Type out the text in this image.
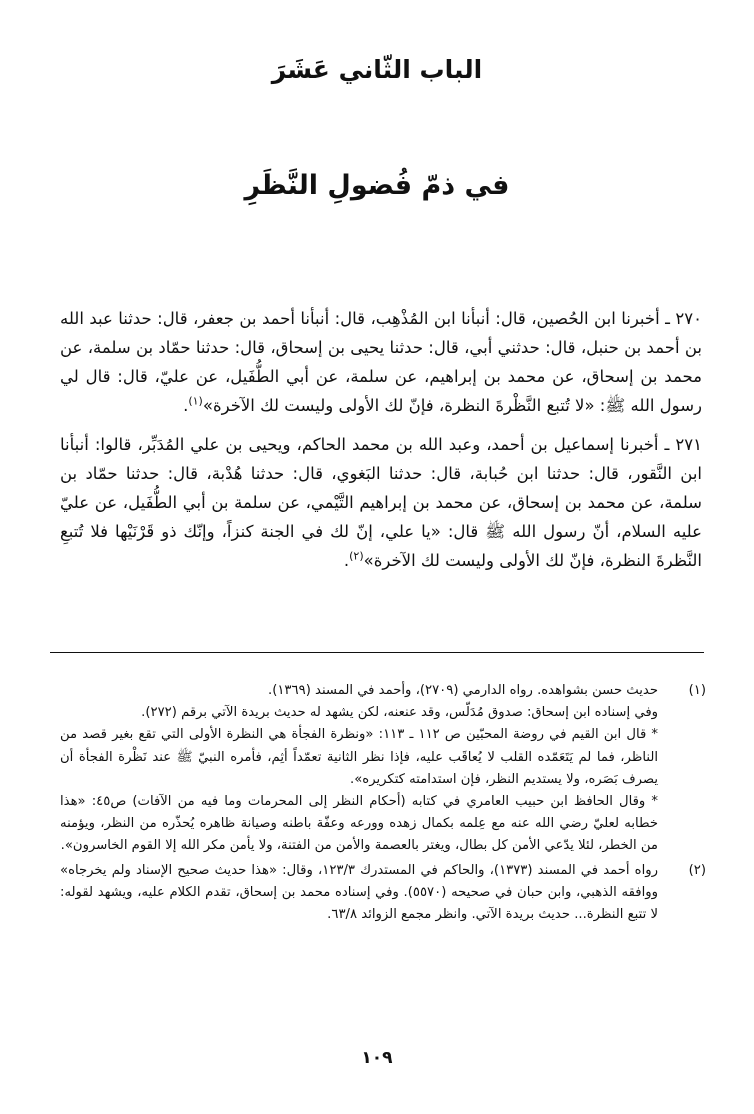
الباب الثّاني عَشَرَ
في ذمّ فُضولِ النَّظَرِ

٢٧٠ ـ أخبرنا ابن الحُصين، قال: أنبأنا ابن المُذْهِب، قال: أنبأنا أحمد بن جعفر، قال: حدثنا عبد الله بن أحمد بن حنبل، قال: حدثني أبي، قال: حدثنا يحيى بن إسحاق، قال: حدثنا حمّاد بن سلمة، عن محمد بن إسحاق، عن محمد بن إبراهيم، عن سلمة، عن أبي الطُّفَيل، عن عليّ، قال: قال لي رسول الله ﷺ: «لا تُتبع النَّظْرةَ النظرة، فإنّ لك الأولى وليست لك الآخرة»$^{(١)}$.

٢٧١ ـ أخبرنا إسماعيل بن أحمد، وعبد الله بن محمد الحاكم، ويحيى بن علي المُدَبِّر، قالوا: أنبأنا ابن النَّقور، قال: حدثنا ابن حُبابة، قال: حدثنا البَغوي، قال: حدثنا هُدْبة، قال: حدثنا حمّاد بن سلمة، عن محمد بن إسحاق، عن محمد بن إبراهيم التَّيْمي، عن سلمة بن أبي الطُّفَيل، عن عليّ عليه السلام، أنّ رسول الله ﷺ قال: «يا علي، إنّ لك في الجنة كنزاً، وإنّك ذو قَرْنَيْها فلا تُتبعِ النَّظرةَ النظرة، فإنّ لك الأولى وليست لك الآخرة»$^{(٢)}$.

(١)
حديث حسن بشواهده. رواه الدارمي (٢٧٠٩)، وأحمد في المسند (١٣٦٩).
وفي إسناده ابن إسحاق: صدوق مُدَلّس، وقد عنعنه، لكن يشهد له حديث بريدة الآتي برقم (٢٧٢).
* قال ابن القيم في روضة المحبّين ص ١١٢ ـ ١١٣: «ونظرة الفجأة هي النظرة الأولى التي تقع بغير قصد من الناظر، فما لم يَتَعَمّده القلب لا يُعاقَب عليه، فإذا نظر الثانية تعمّداً أثِم، فأمره النبيّ ﷺ عند نَظْرة الفجأة أن يصرف بَصَره، ولا يستديم النظر، فإن استدامته كتكريره».
* وقال الحافظ ابن حبيب العامري في كتابه (أحكام النظر إلى المحرمات وما فيه من الآفات) ص٤٥: «هذا خطابه لعليّ رضي الله عنه مع عِلمه بكمال زهده وورعه وعفّة باطنه وصيانة ظاهره يُحذّره من النظر، ويؤمنه من الخطر، لئلا يدّعي الأمن كل بطال، ويغتر بالعصمة والأمن من الفتنة، ولا يأمن مكر الله إلا القوم الخاسرون».
(٢)
رواه أحمد في المسند (١٣٧٣)، والحاكم في المستدرك ١٢٣/٣، وقال: «هذا حديث صحيح الإسناد ولم يخرجاه» ووافقه الذهبي، وابن حبان في صحيحه (٥٥٧٠). وفي إسناده محمد بن إسحاق، تقدم الكلام عليه، ويشهد لقوله: لا تتبع النظرة... حديث بريدة الآتي. وانظر مجمع الزوائد ٦٣/٨.
١٠٩
